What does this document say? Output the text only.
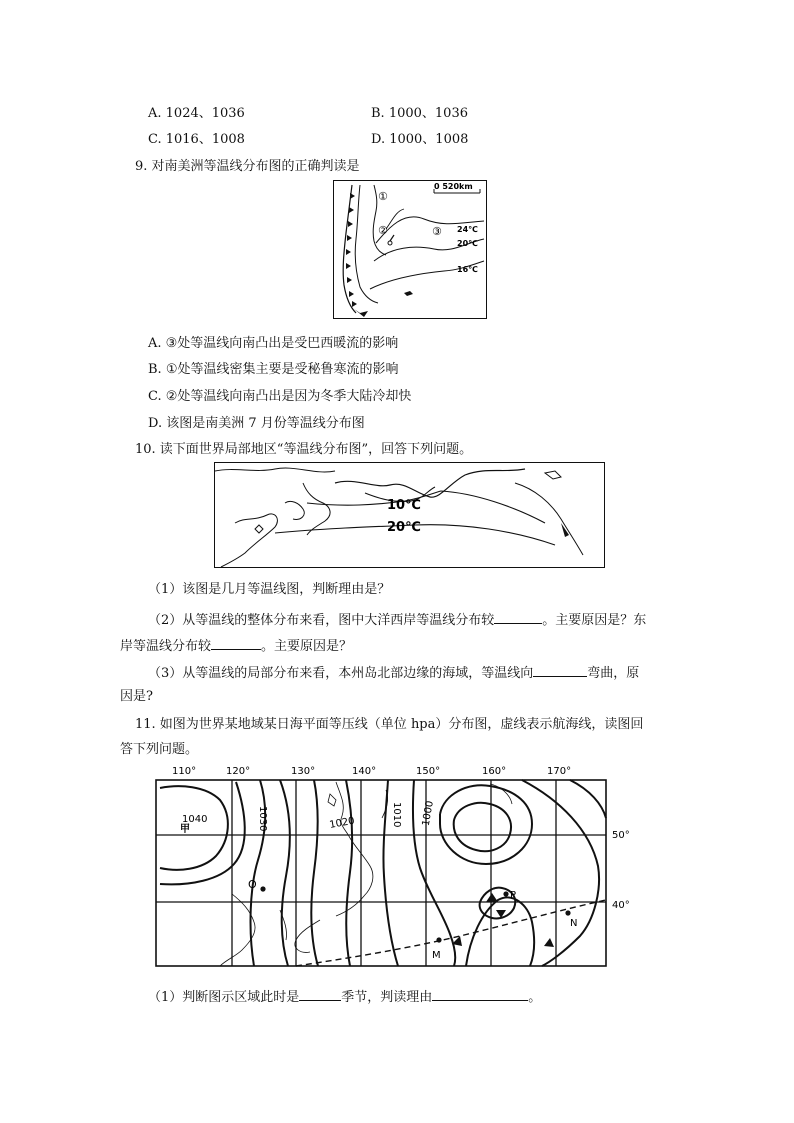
A. 1024、1036	B. 1000、1036
C. 1016、1008	D. 1000、1008
9. 对南美洲等温线分布图的正确判读是
0 520km
①
②	③ 24℃
20℃
16℃
A. ③处等温线向南凸出是受巴西暖流的影响
B. ①处等温线密集主要是受秘鲁寒流的影响
C. ②处等温线向南凸出是因为冬季大陆冷却快
D. 该图是南美洲 7 月份等温线分布图
10. 读下面世界局部地区“等温线分布图”，回答下列问题。
10℃
20℃
（1）该图是几月等温线图，判断理由是？
（2）从等温线的整体分布来看，图中大洋西岸等温线分布较	。主要原因是？东
岸等温线分布较	。主要原因是？
（3）从等温线的局部分布来看，本州岛北部边缘的海域，等温线向	弯曲，原
因是?
11. 如图为世界某地域某日海平面等压线（单位 hpa）分布图，虚线表示航海线，读图回
答下列问题。
110°	120°	130°	140°	150°	160°	170°
50°
40°
1040	1030	1020	1010 1000
甲
O
P
M
N
（1）判断图示区域此时是	季节，判读理由	。
